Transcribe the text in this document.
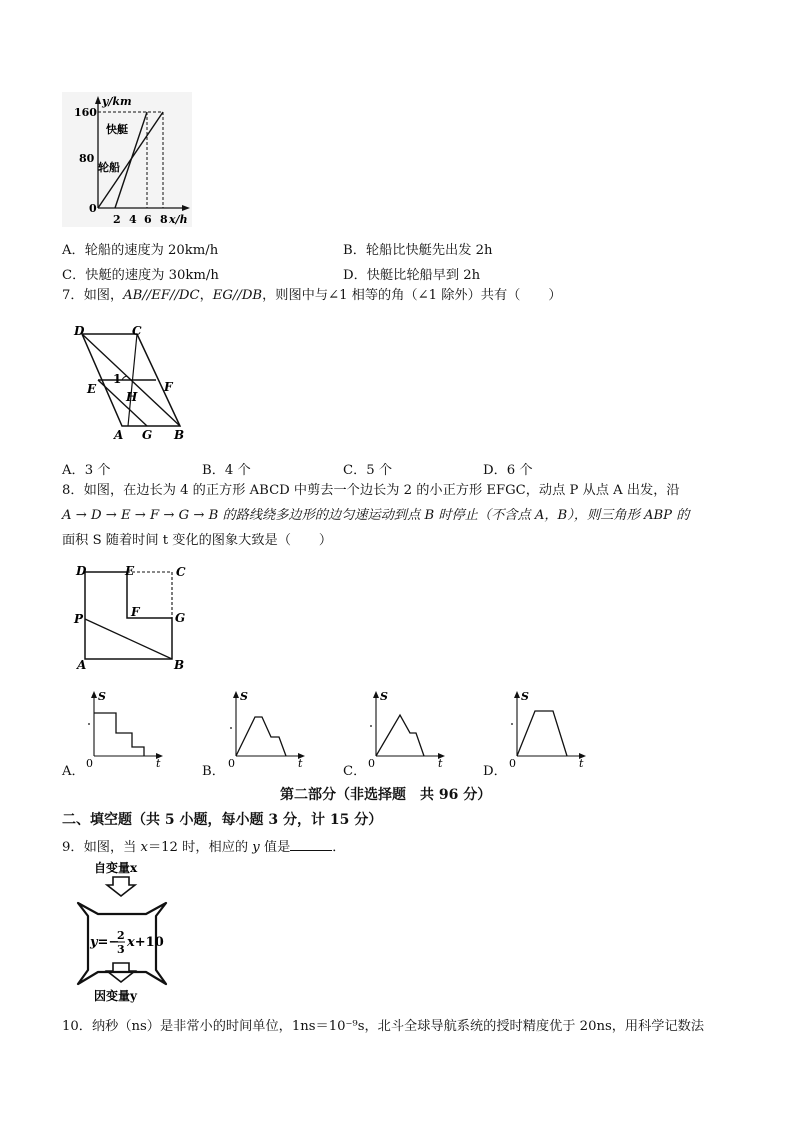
y/km
x/h
160
80
0
2 4 6 8
快艇
轮船
A．轮船的速度为 20km/h	B．轮船比快艇先出发 2h
C．快艇的速度为 30km/h	D．快艇比轮船早到 2h
7．如图，AB//EF//DC，EG//DB，则图中与∠1 相等的角（∠1 除外）共有（ ）
D	C
E
1
F
H
A G B
A．3 个	B．4 个	C．5 个	D．6 个
8．如图，在边长为 4 的正方形 ABCD 中剪去一个边长为 2 的小正方形 EFGC，动点 P 从点 A 出发，沿
A → D → E → F → G → B 的路线绕多边形的边匀速运动到点 B 时停止（不含点 A，B），则三角形 ABP 的
面积 S 随着时间 t 变化的图象大致是（ ）
D	E	C
F	G
P
A	B
A．
S
t
0
B．
S
t
0
C．
S
t
0
D．
S
t
0
第二部分（非选择题　共 96 分）
二、填空题（共 5 小题，每小题 3 分，计 15 分）
9．如图，当 x＝12 时，相应的 y 值是	．
自变量x
y=−
2
3 x+10
因变量y
10．纳秒（ns）是非常小的时间单位，1ns＝10⁻⁹s，北斗全球导航系统的授时精度优于 20ns，用科学记数法
